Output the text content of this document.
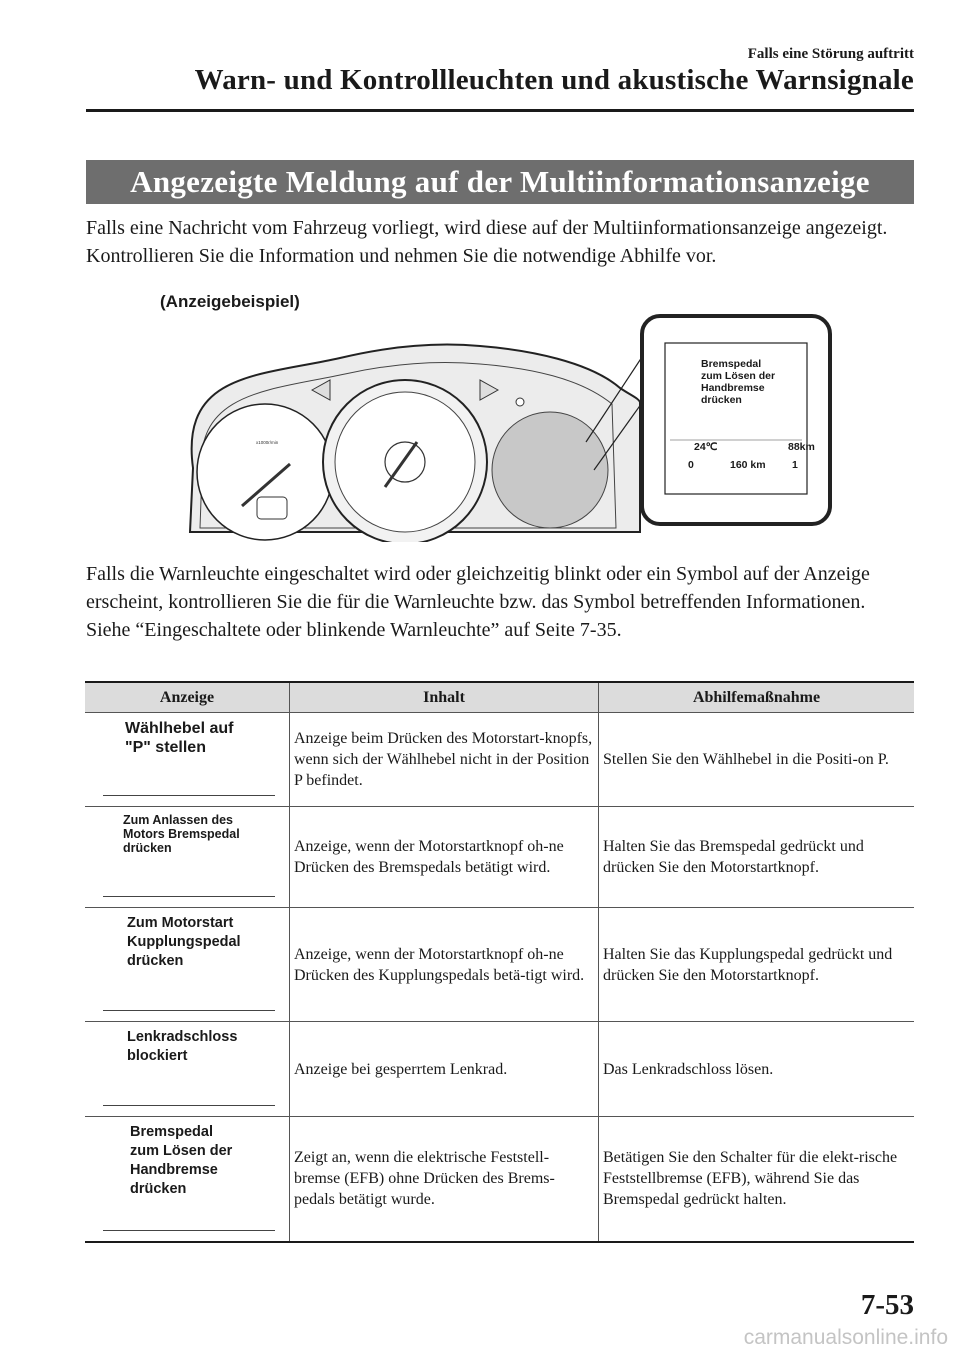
Falls eine Störung auftritt
Warn- und Kontrollleuchten und akustische Warnsignale
Angezeigte Meldung auf der Multiinformationsanzeige
Falls eine Nachricht vom Fahrzeug vorliegt, wird diese auf der Multiinformationsanzeige angezeigt. Kontrollieren Sie die Information und nehmen Sie die notwendige Abhilfe vor.
(Anzeigebeispiel)
x1000r/min
Bremspedal
zum Lösen der
Handbremse
drücken
24℃	88km
0	160 km	1

Falls die Warnleuchte eingeschaltet wird oder gleichzeitig blinkt oder ein Symbol auf der Anzeige erscheint, kontrollieren Sie die für die Warnleuchte bzw. das Symbol betreffenden Informationen.

Siehe “Eingeschaltete oder blinkende Warnleuchte” auf Seite 7-35.

Anzeige	Inhalt	Abhilfemaßnahme

Wählhebel auf
"P" stellen	Anzeige beim Drücken des Motorstart-knopfs, wenn sich der Wählhebel nicht in der Position P befindet.	Stellen Sie den Wählhebel in die Positi-on P.

Zum Anlassen des
Motors Bremspedal
drücken	Anzeige, wenn der Motorstartknopf oh-ne Drücken des Bremspedals betätigt wird.	Halten Sie das Bremspedal gedrückt und drücken Sie den Motorstartknopf.

Zum Motorstart
Kupplungspedal
drücken	Anzeige, wenn der Motorstartknopf oh-ne Drücken des Kupplungspedals betä-tigt wird.	Halten Sie das Kupplungspedal gedrückt und drücken Sie den Motorstartknopf.

Lenkradschloss
blockiert	Anzeige bei gesperrtem Lenkrad.	Das Lenkradschloss lösen.

Bremspedal
zum Lösen der
Handbremse
drücken	Zeigt an, wenn die elektrische Feststell-bremse (EFB) ohne Drücken des Brems-pedals betätigt wurde.	Betätigen Sie den Schalter für die elekt-rische Feststellbremse (EFB), während Sie das Bremspedal gedrückt halten.
7-53
carmanualsonline.info
